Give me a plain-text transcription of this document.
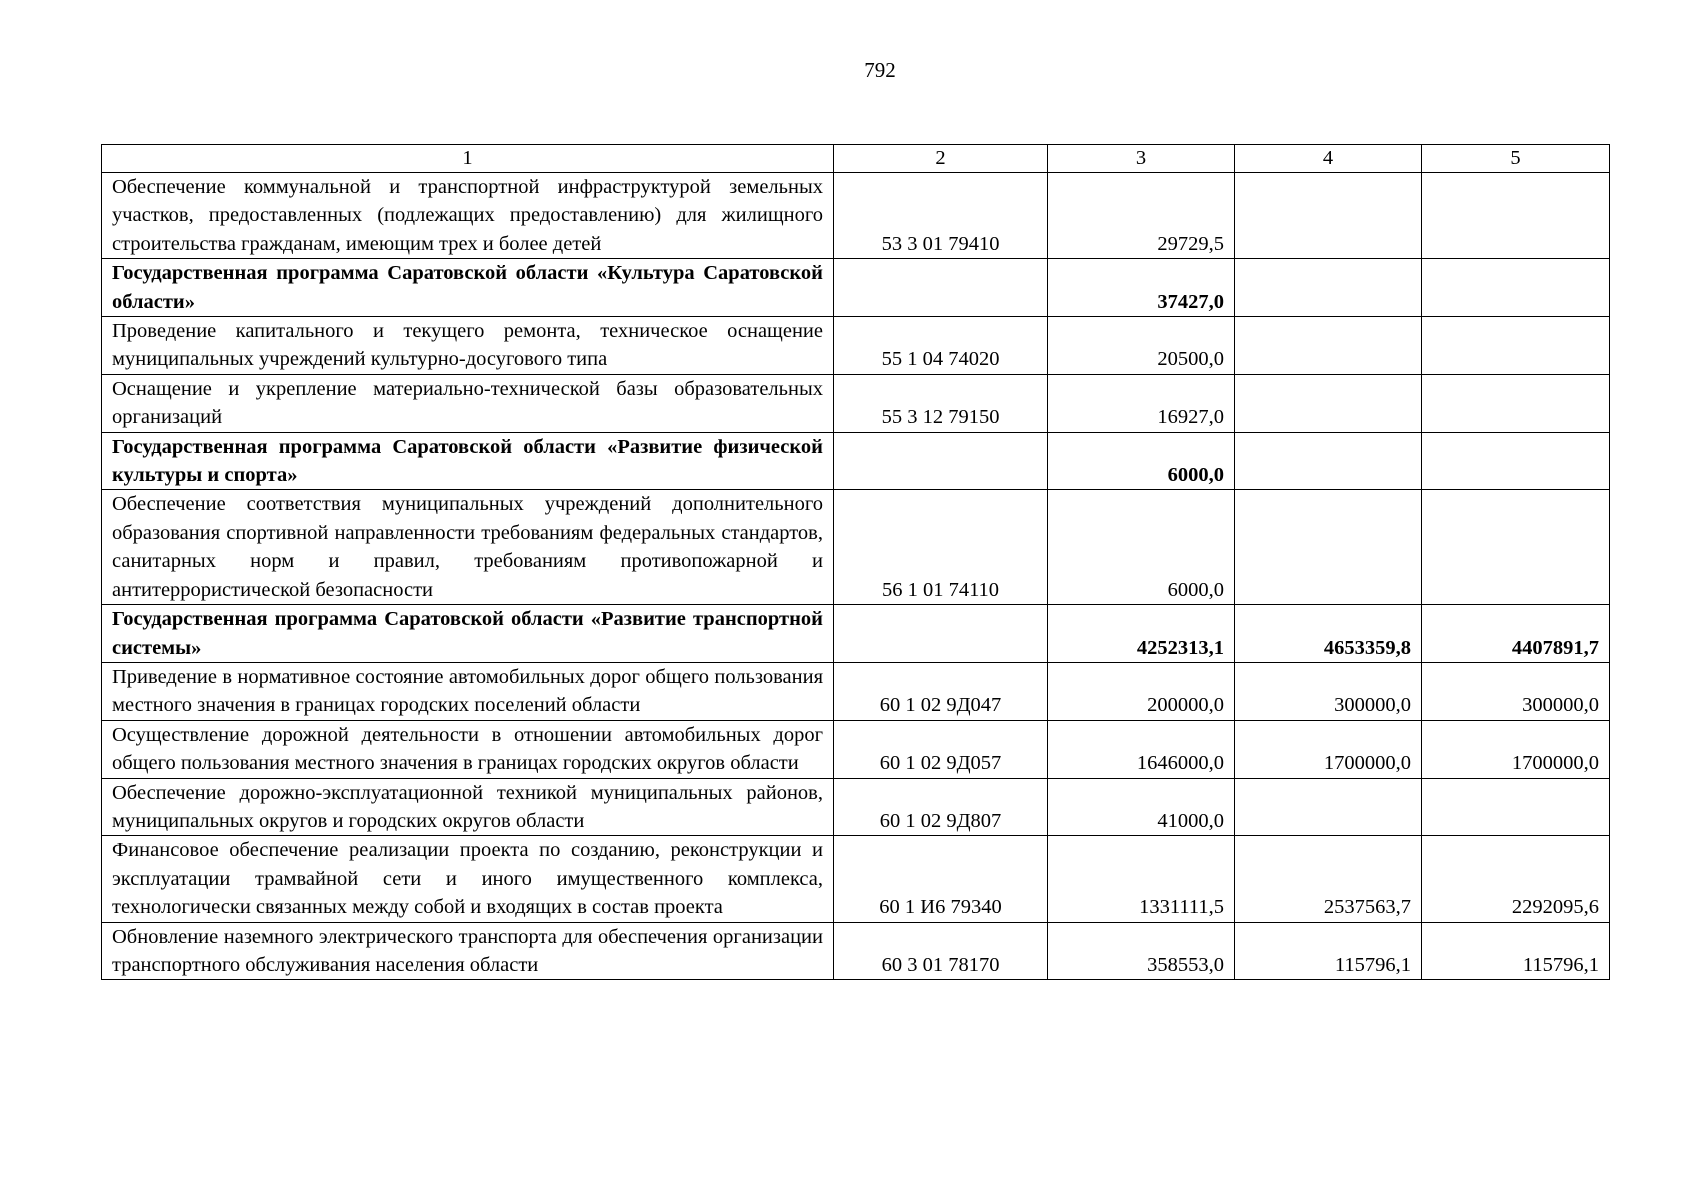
792
1	2	3	4	5
Обеспечение коммунальной и транспортной инфраструктурой земельных участков, предоставленных (подлежащих предоставлению) для жилищного строительства гражданам, имеющим трех и более детей	53 3 01 79410	29729,5		
Государственная программа Саратовской области «Культура Саратовской области»		37427,0		
Проведение капитального и текущего ремонта, техническое оснащение муниципальных учреждений культурно-досугового типа	55 1 04 74020	20500,0		
Оснащение и укрепление материально-технической базы образовательных организаций	55 3 12 79150	16927,0		
Государственная программа Саратовской области «Развитие физической культуры и спорта»		6000,0		
Обеспечение соответствия муниципальных учреждений дополнительного образования спортивной направленности требованиям федеральных стандартов, санитарных норм и правил, требованиям противопожарной и антитеррористической безопасности	56 1 01 74110	6000,0		
Государственная программа Саратовской области «Развитие транспортной системы»		4252313,1	4653359,8	4407891,7
Приведение в нормативное состояние автомобильных дорог общего пользования местного значения в границах городских поселений области	60 1 02 9Д047	200000,0	300000,0	300000,0
Осуществление дорожной деятельности в отношении автомобильных дорог общего пользования местного значения в границах городских округов области	60 1 02 9Д057	1646000,0	1700000,0	1700000,0
Обеспечение дорожно-эксплуатационной техникой муниципальных районов, муниципальных округов и городских округов области	60 1 02 9Д807	41000,0		
Финансовое обеспечение реализации проекта по созданию, реконструкции и эксплуатации трамвайной сети и иного имущественного комплекса, технологически связанных между собой и входящих в состав проекта	60 1 И6 79340	1331111,5	2537563,7	2292095,6
Обновление наземного электрического транспорта для обеспечения организации транспортного обслуживания населения области	60 3 01 78170	358553,0	115796,1	115796,1
